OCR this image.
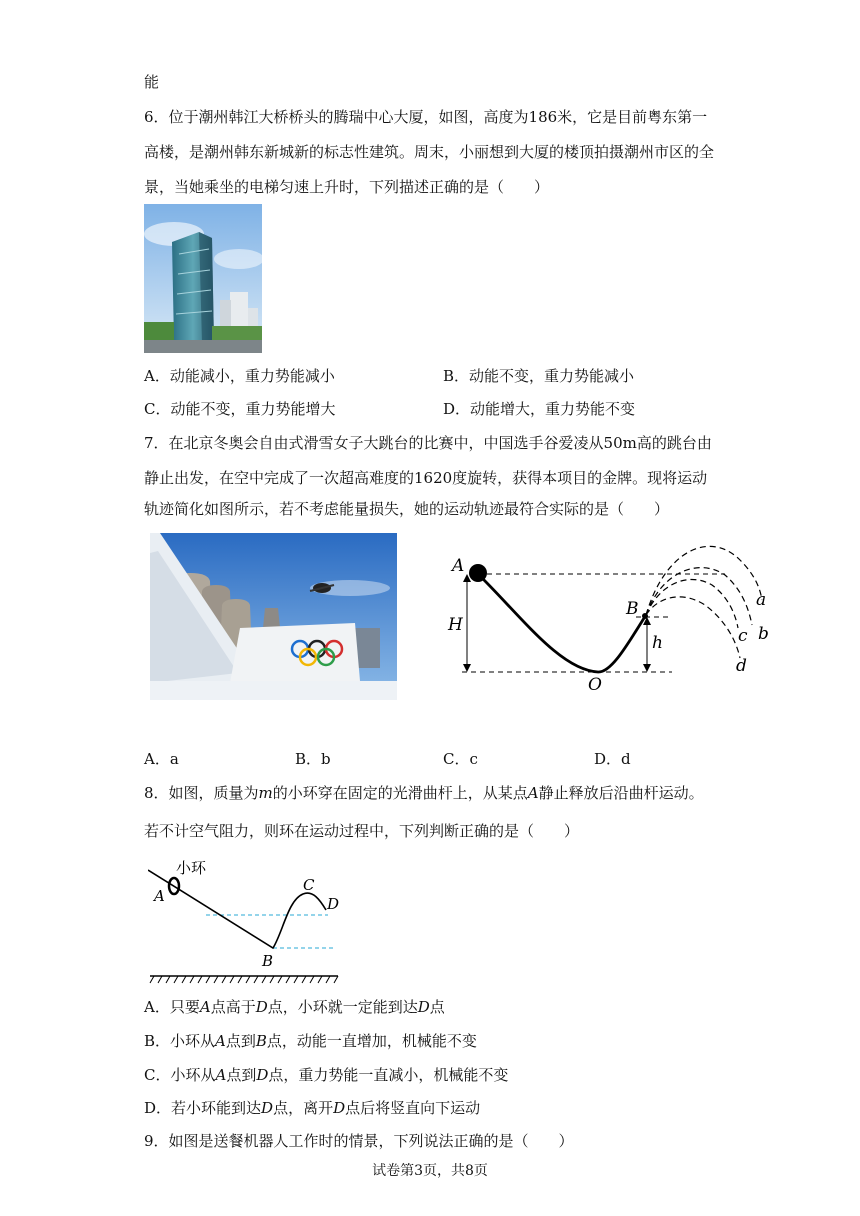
能
6．位于潮州韩江大桥桥头的腾瑞中心大厦，如图，高度为186米，它是目前粤东第一
高楼，是潮州韩东新城新的标志性建筑。周末，小丽想到大厦的楼顶拍摄潮州市区的全
景，当她乘坐的电梯匀速上升时，下列描述正确的是（　　）
A．动能减小，重力势能减小	B．动能不变，重力势能减小
C．动能不变，重力势能增大	D．动能增大，重力势能不变
7．在北京冬奥会自由式滑雪女子大跳台的比赛中，中国选手谷爱凌从50m高的跳台由
静止出发，在空中完成了一次超高难度的1620度旋转，获得本项目的金牌。现将运动
轨迹简化如图所示，若不考虑能量损失，她的运动轨迹最符合实际的是（　　）
A
B
O
H
h
a
b
c
d
A．a	B．b	C．c	D．d
8．如图，质量为m的小环穿在固定的光滑曲杆上，从某点A静止释放后沿曲杆运动。
若不计空气阻力，则环在运动过程中，下列判断正确的是（　　）
小环
A
B
C
D
A．只要A点高于D点，小环就一定能到达D点
B．小环从A点到B点，动能一直增加，机械能不变
C．小环从A点到D点，重力势能一直减小，机械能不变
D．若小环能到达D点，离开D点后将竖直向下运动
9．如图是送餐机器人工作时的情景，下列说法正确的是（　　）
试卷第3页，共8页
